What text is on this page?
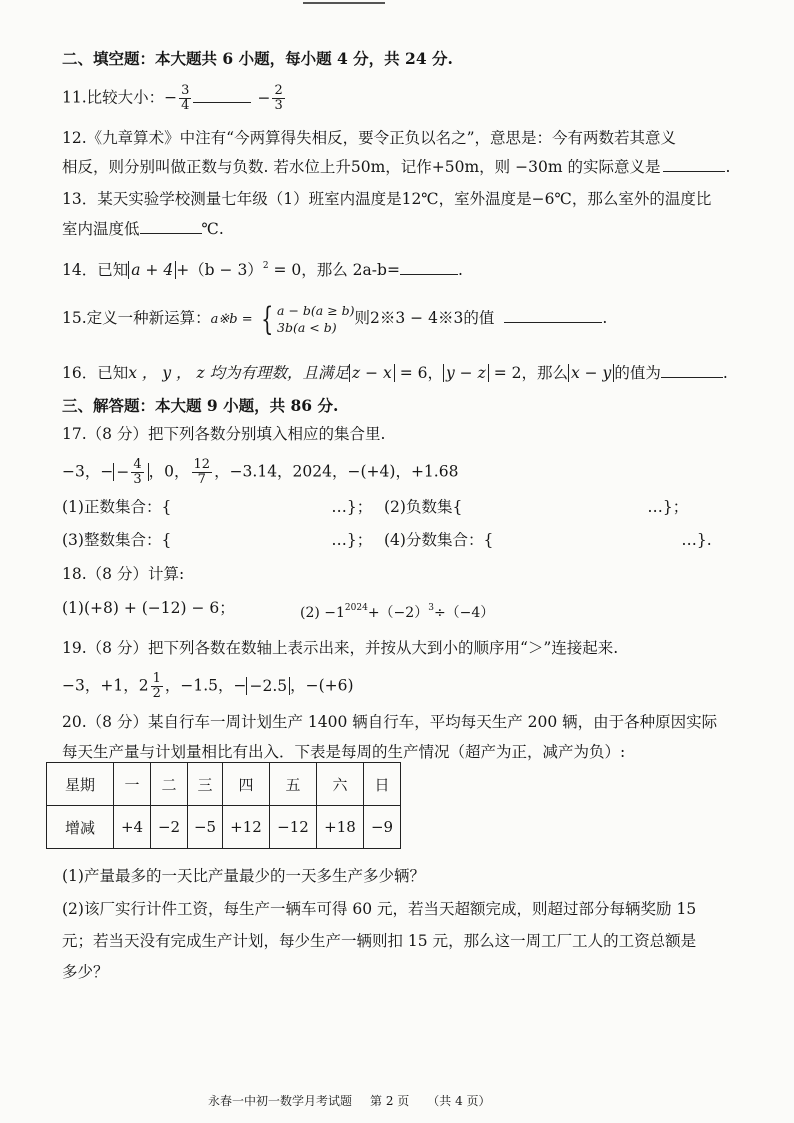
二、填空题：本大题共 6 小题，每小题 4 分，共 24 分.
11.比较大小：− $\frac{3}{4}$	− $\frac{2}{3}$
12.《九章算术》中注有“今两算得失相反，要令正负以名之”，意思是：今有两数若其意义
相反，则分别叫做正数与负数. 若水位上升50m，记作+50m，则 −30m 的实际意义是	.
13．某天实验学校测量七年级（1）班室内温度是12℃，室外温度是−6℃，那么室外的温度比
室内温度低	℃.
14．已知 $a + 4 +(b - 3)^2 = 0$，那么 2a-b=	.
15.定义一种新运算：a※b = { a − b(a ≥ b)
3b(a < b)
则2※3 − 4※3的值	.
16．已知x ， y ， z 均为有理数，且满足 z − x = 6， y − z = 2，那么 x − y 的值为	.
三、解答题：本大题 9 小题，共 86 分.
17.（8 分）把下列各数分别填入相应的集合里.
−3，− − $\frac{4}{3}$ ，0， $\frac{12}{7}$ ，−3.14，2024，−(+4)，+1.68
(1)正数集合：{	…}； (2)负数集{	…}；
(3)整数集合：{	…}； (4)分数集合：{	…}.
18.（8 分）计算:
(1)(+8) + (−12) − 6；	$(2) -1^{2024}+(-2)^3\div(-4)$
19.（8 分）把下列各数在数轴上表示出来，并按从大到小的顺序用“＞”连接起来.
−3，+1，$2 \frac{1}{2}$ ，−1.5，− −2.5 ，−(+6)
20.（8 分）某自行车一周计划生产 1400 辆自行车，平均每天生产 200 辆，由于各种原因实际
每天生产量与计划量相比有出入．下表是每周的生产情况（超产为正，减产为负）:
星期	一	二	三	四	五	六	日
增减	+4	−2	−5	+12	−12	+18	−9
(1)产量最多的一天比产量最少的一天多生产多少辆？
(2)该厂实行计件工资，每生产一辆车可得 60 元，若当天超额完成，则超过部分每辆奖励 15
元；若当天没有完成生产计划，每少生产一辆则扣 15 元，那么这一周工厂工人的工资总额是
多少？
永春一中初一数学月考试题 第 2 页 （共 4 页）
